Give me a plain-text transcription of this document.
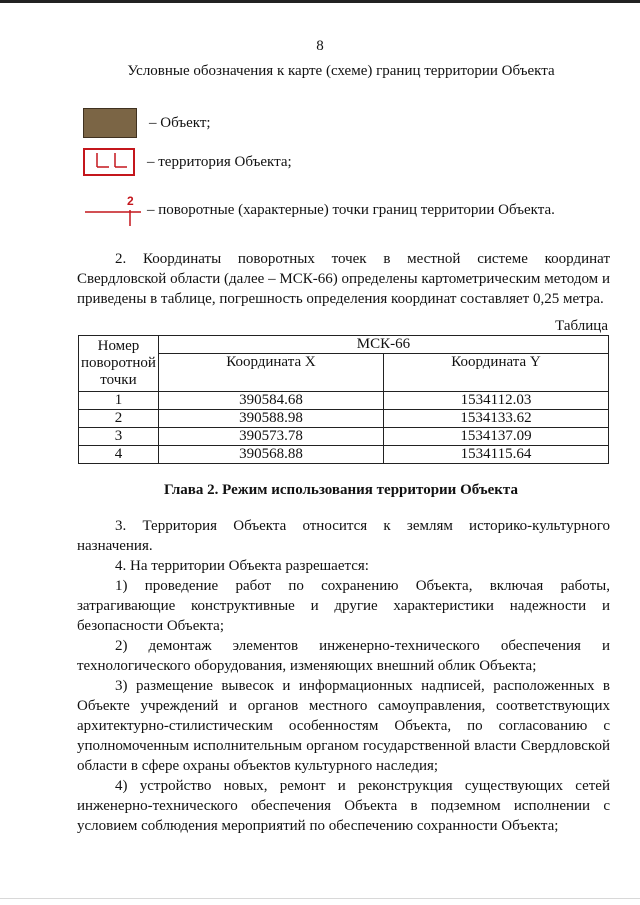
8
Условные обозначения к карте (схеме) границ территории Объекта
– Объект;
– территория Объекта;
2
– поворотные (характерные) точки границ территории Объекта.

2. Координаты поворотных точек в местной системе координат Свердловской области (далее – МСК-66) определены картометрическим методом и приведены в таблице, погрешность определения координат составляет 0,25 метра.

Таблица
Номер поворотной точки	МСК-66	
	Координата X	Координата Y
1	390584.68	1534112.03
2	390588.98	1534133.62
3	390573.78	1534137.09
4	390568.88	1534115.64
Глава 2. Режим использования территории Объекта

3. Территория Объекта относится к землям историко-культурного назначения.

4. На территории Объекта разрешается:

1) проведение работ по сохранению Объекта, включая работы, затрагивающие конструктивные и другие характеристики надежности и безопасности Объекта;

2) демонтаж элементов инженерно-технического обеспечения и технологического оборудования, изменяющих внешний облик Объекта;

3) размещение вывесок и информационных надписей, расположенных в Объекте учреждений и органов местного самоуправления, соответствующих архитектурно-стилистическим особенностям Объекта, по согласованию с уполномоченным исполнительным органом государственной власти Свердловской области в сфере охраны объектов культурного наследия;

4) устройство новых, ремонт и реконструкция существующих сетей инженерно-технического обеспечения Объекта в подземном исполнении с условием соблюдения мероприятий по обеспечению сохранности Объекта;
